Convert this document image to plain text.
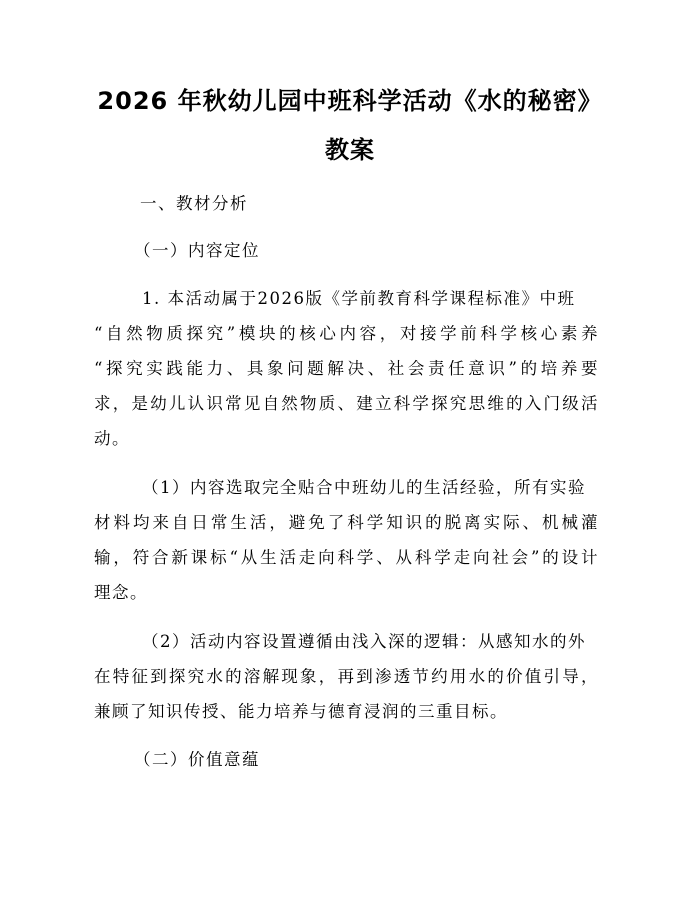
2026 年秋幼儿园中班科学活动《水的秘密》
教案
一、教材分析
（一）内容定位
1. 本活动属于2026版《学前教育科学课程标准》中班
“自然物质探究”模块的核心内容，对接学前科学核心素养
“探究实践能力、具象问题解决、社会责任意识”的培养要
求，是幼儿认识常见自然物质、建立科学探究思维的入门级活
动。
（1）内容选取完全贴合中班幼儿的生活经验，所有实验
材料均来自日常生活，避免了科学知识的脱离实际、机械灌
输，符合新课标“从生活走向科学、从科学走向社会”的设计
理念。
（2）活动内容设置遵循由浅入深的逻辑：从感知水的外
在特征到探究水的溶解现象，再到渗透节约用水的价值引导，
兼顾了知识传授、能力培养与德育浸润的三重目标。
（二）价值意蕴
